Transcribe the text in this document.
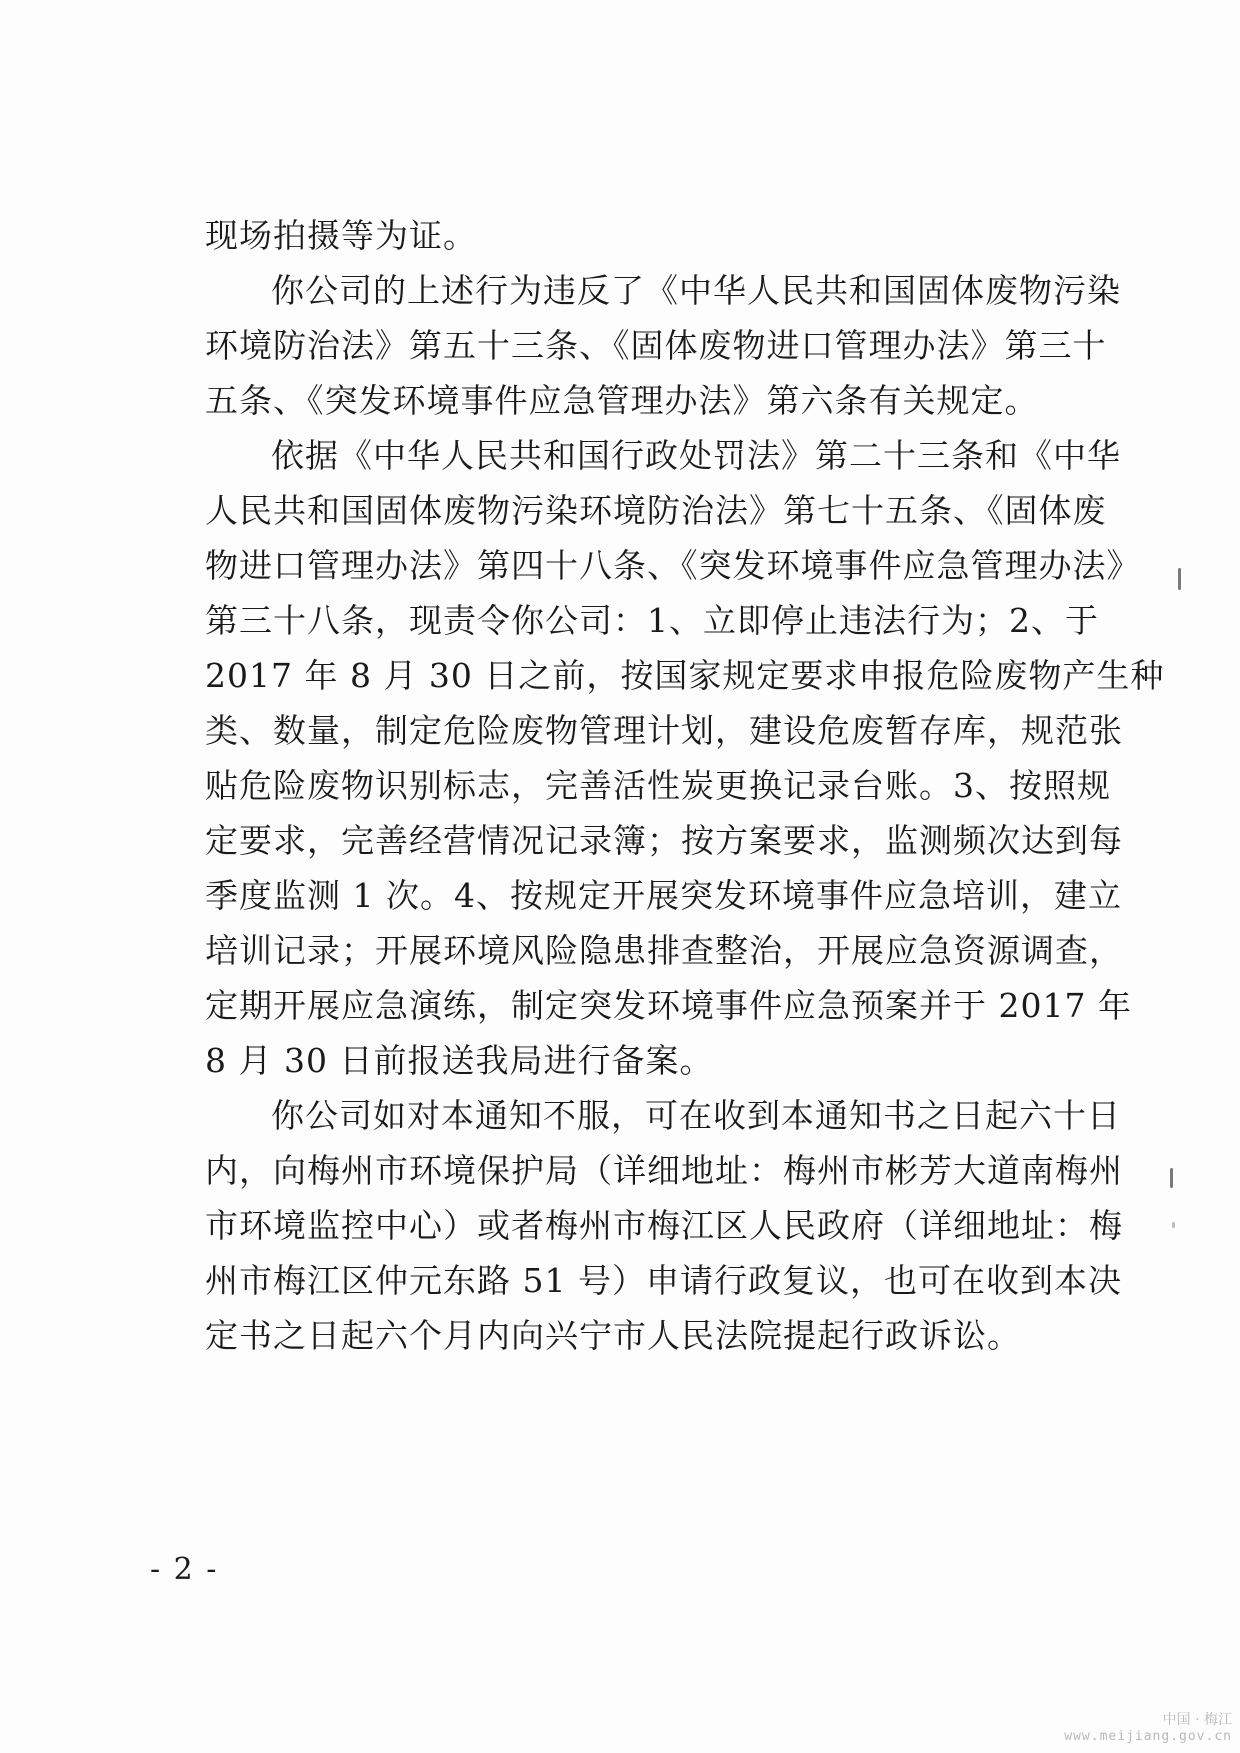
现场拍摄等为证。
你公司的上述行为违反了《中华人民共和国固体废物污染
环境防治法》第五十三条、《固体废物进口管理办法》第三十
五条、《突发环境事件应急管理办法》第六条有关规定。
依据《中华人民共和国行政处罚法》第二十三条和《中华
人民共和国固体废物污染环境防治法》第七十五条、《固体废
物进口管理办法》第四十八条、《突发环境事件应急管理办法》
第三十八条，现责令你公司：1、立即停止违法行为；2、于
2017 年 8 月 30 日之前，按国家规定要求申报危险废物产生种
类、数量，制定危险废物管理计划，建设危废暂存库，规范张
贴危险废物识别标志，完善活性炭更换记录台账。3、按照规
定要求，完善经营情况记录簿；按方案要求，监测频次达到每
季度监测 1 次。4、按规定开展突发环境事件应急培训，建立
培训记录；开展环境风险隐患排查整治，开展应急资源调查，
定期开展应急演练，制定突发环境事件应急预案并于 2017 年
8 月 30 日前报送我局进行备案。
你公司如对本通知不服，可在收到本通知书之日起六十日
内，向梅州市环境保护局（详细地址：梅州市彬芳大道南梅州
市环境监控中心）或者梅州市梅江区人民政府（详细地址：梅
州市梅江区仲元东路 51 号）申请行政复议，也可在收到本决
定书之日起六个月内向兴宁市人民法院提起行政诉讼。
- 2 -
中国 · 梅江
www.meijiang.gov.cn
